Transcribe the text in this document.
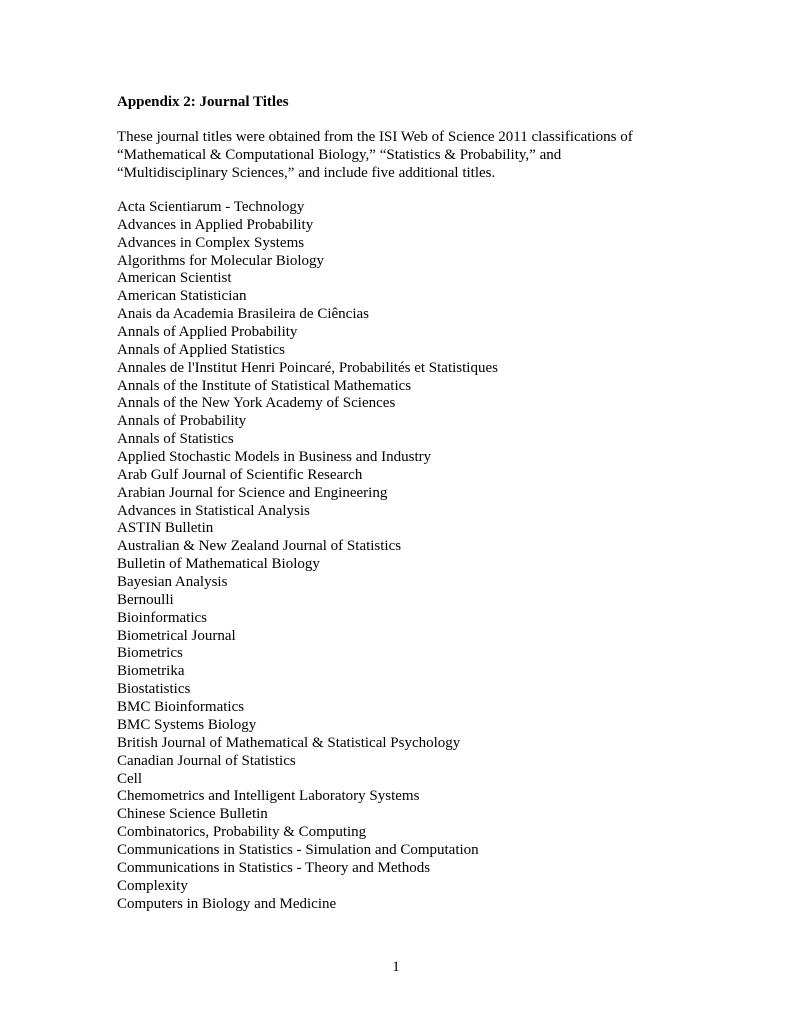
Appendix 2: Journal Titles

These journal titles were obtained from the ISI Web of Science 2011 classifications of
“Mathematical & Computational Biology,” “Statistics & Probability,” and
“Multidisciplinary Sciences,” and include five additional titles.

Acta Scientiarum - Technology
Advances in Applied Probability
Advances in Complex Systems
Algorithms for Molecular Biology
American Scientist
American Statistician
Anais da Academia Brasileira de Ciências
Annals of Applied Probability
Annals of Applied Statistics
Annales de l'Institut Henri Poincaré, Probabilités et Statistiques
Annals of the Institute of Statistical Mathematics
Annals of the New York Academy of Sciences
Annals of Probability
Annals of Statistics
Applied Stochastic Models in Business and Industry
Arab Gulf Journal of Scientific Research
Arabian Journal for Science and Engineering
Advances in Statistical Analysis
ASTIN Bulletin
Australian & New Zealand Journal of Statistics
Bulletin of Mathematical Biology
Bayesian Analysis
Bernoulli
Bioinformatics
Biometrical Journal
Biometrics
Biometrika
Biostatistics
BMC Bioinformatics
BMC Systems Biology
British Journal of Mathematical & Statistical Psychology
Canadian Journal of Statistics
Cell
Chemometrics and Intelligent Laboratory Systems
Chinese Science Bulletin
Combinatorics, Probability & Computing
Communications in Statistics - Simulation and Computation
Communications in Statistics - Theory and Methods
Complexity
Computers in Biology and Medicine

1
